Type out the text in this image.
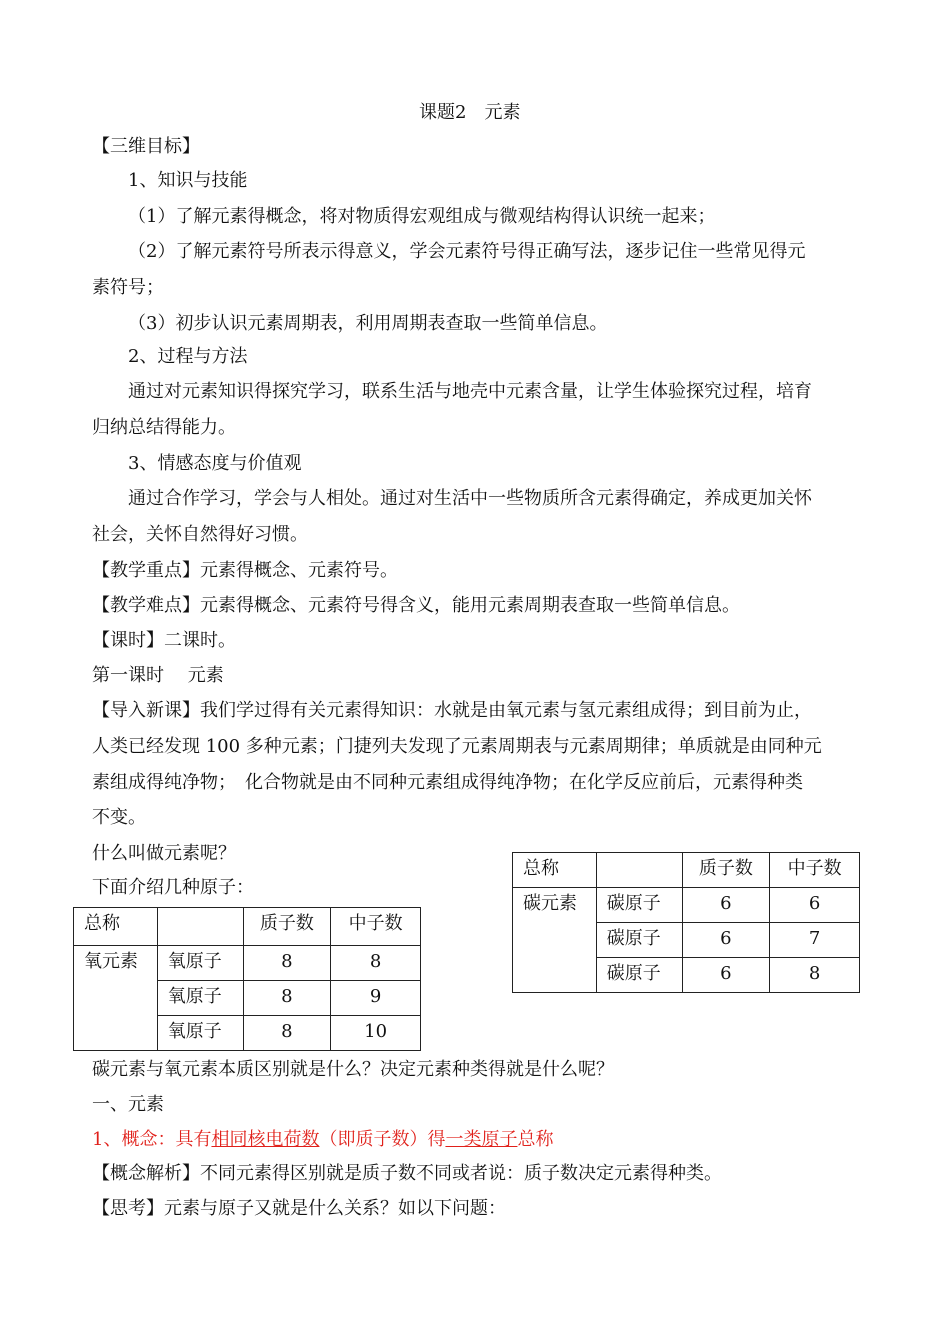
课题2　元素
【三维目标】
1、知识与技能
（1）了解元素得概念，将对物质得宏观组成与微观结构得认识统一起来；
（2）了解元素符号所表示得意义，学会元素符号得正确写法，逐步记住一些常见得元
素符号；
（3）初步认识元素周期表，利用周期表查取一些简单信息。
2、过程与方法
通过对元素知识得探究学习，联系生活与地壳中元素含量，让学生体验探究过程，培育
归纳总结得能力。
3、情感态度与价值观
通过合作学习，学会与人相处。通过对生活中一些物质所含元素得确定，养成更加关怀
社会，关怀自然得好习惯。
【教学重点】元素得概念、元素符号。
【教学难点】元素得概念、元素符号得含义，能用元素周期表查取一些简单信息。
【课时】二课时。
第一课时　 元素
【导入新课】我们学过得有关元素得知识：水就是由氧元素与氢元素组成得；到目前为止，
人类已经发现 100 多种元素；门捷列夫发现了元素周期表与元素周期律；单质就是由同种元
素组成得纯净物；　化合物就是由不同种元素组成得纯净物；在化学反应前后，元素得种类
不变。
什么叫做元素呢？
下面介绍几种原子：
总称		质子数	中子数
碳元素	碳原子	6	6
	碳原子	6	7
	碳原子	6	8
总称		质子数	中子数
氧元素	氧原子	8	8
	氧原子	8	9
	氧原子	8	10
碳元素与氧元素本质区别就是什么？决定元素种类得就是什么呢？
一、元素
1、概念：具有相同核电荷数（即质子数）得一类原子总称
【概念解析】不同元素得区别就是质子数不同或者说：质子数决定元素得种类。
【思考】元素与原子又就是什么关系？如以下问题：
